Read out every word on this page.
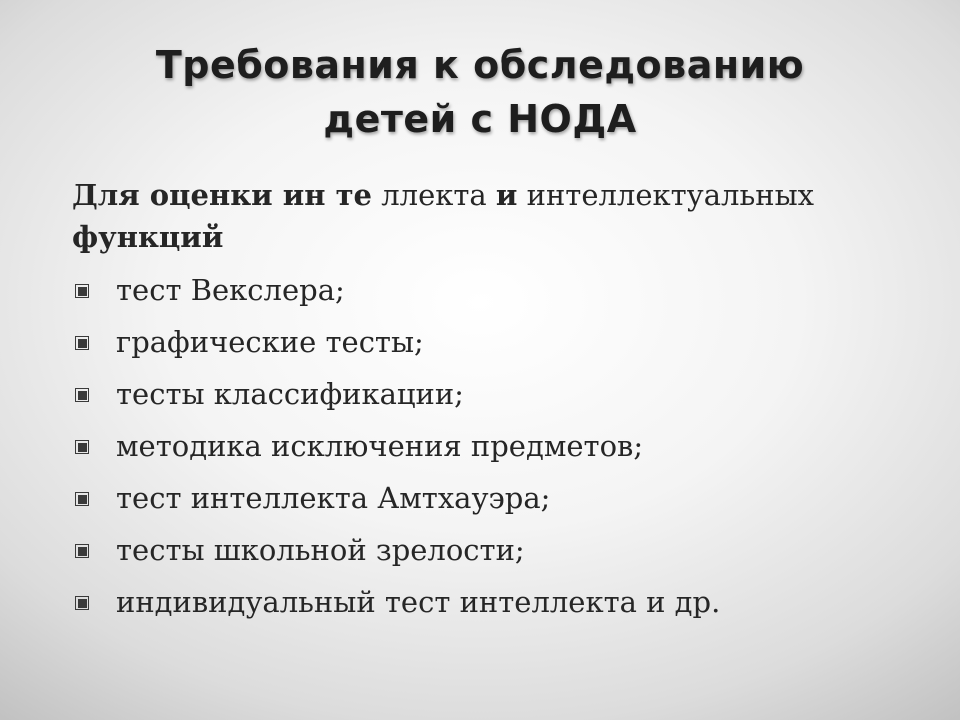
Требования к обследованию
детей с НОДА

Для оценки ин те ллекта и интеллектуальных
функций

тест Векслера;
графические тесты;
тесты классификации;
методика исключения предметов;
тест интеллекта Амтхауэра;
тесты школьной зрелости;
индивидуальный тест интеллекта и др.
